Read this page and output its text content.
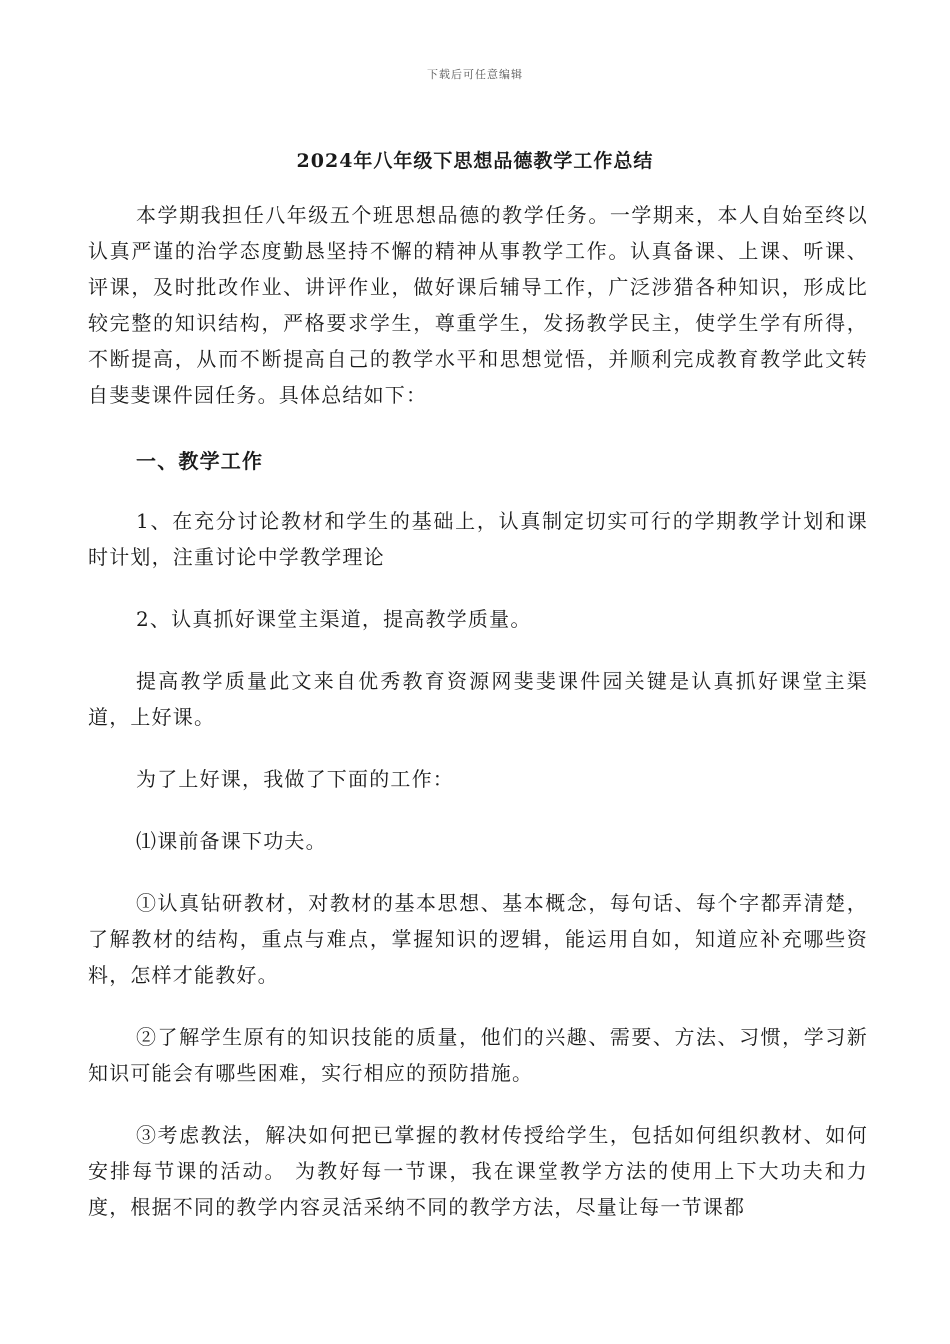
下载后可任意编辑
2024年八年级下思想品德教学工作总结

本学期我担任八年级五个班思想品德的教学任务。一学期来，本人自始至终以认真严谨的治学态度勤恳坚持不懈的精神从事教学工作。认真备课、上课、听课、评课，及时批改作业、讲评作业，做好课后辅导工作，广泛涉猎各种知识，形成比较完整的知识结构，严格要求学生，尊重学生，发扬教学民主，使学生学有所得，不断提高，从而不断提高自己的教学水平和思想觉悟，并顺利完成教育教学此文转自斐斐课件园任务。具体总结如下：

一、教学工作

1、在充分讨论教材和学生的基础上，认真制定切实可行的学期教学计划和课时计划，注重讨论中学教学理论

2、认真抓好课堂主渠道，提高教学质量。

提高教学质量此文来自优秀教育资源网斐斐课件园关键是认真抓好课堂主渠道，上好课。

为了上好课，我做了下面的工作：

⑴课前备课下功夫。

①认真钻研教材，对教材的基本思想、基本概念，每句话、每个字都弄清楚，了解教材的结构，重点与难点，掌握知识的逻辑，能运用自如，知道应补充哪些资料，怎样才能教好。

②了解学生原有的知识技能的质量，他们的兴趣、需要、方法、习惯，学习新知识可能会有哪些困难，实行相应的预防措施。

③考虑教法，解决如何把已掌握的教材传授给学生，包括如何组织教材、如何安排每节课的活动。 为教好每一节课，我在课堂教学方法的使用上下大功夫和力度，根据不同的教学内容灵活采纳不同的教学方法，尽量让每一节课都
